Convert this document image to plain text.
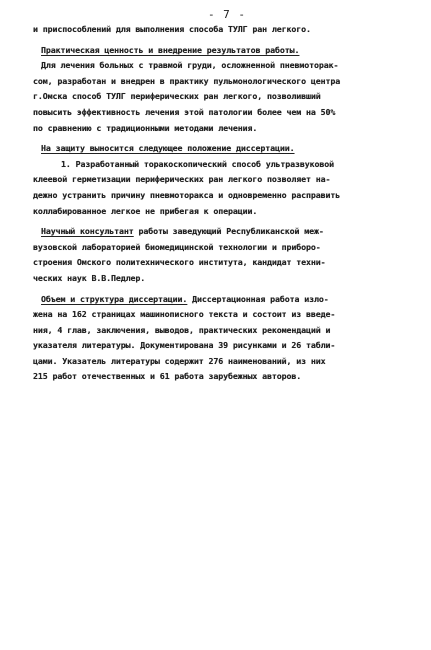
- 7 -
и приспособлений для выполнения способа ТУЛГ ран легкого.
Практическая ценность и внедрение результатов работы.
Для лечения больных с травмой груди, осложненной пневмоторак-
сом, разработан и внедрен в практику пульмонологического центра
г.Омска способ ТУЛГ периферических ран легкого, позволивший
повысить эффективность лечения этой патологии более чем на 50%
по сравнению с традиционными методами лечения.
На защиту выносится следующее положение диссертации.
1. Разработанный торакоскопический способ ультразвуковой
клеевой герметизации периферических ран легкого позволяет на-
дежно устранить причину пневмоторакса и одновременно расправить
коллабированное легкое не прибегая к операции.
Научный консультант работы заведующий Республиканской меж-
вузовской лабораторией биомедицинской технологии и приборо-
строения Омского политехнического института, кандидат техни-
ческих наук В.В.Педлер.
Объем и структура диссертации. Диссертационная работа изло-
жена на 162 страницах машинописного текста и состоит из введе-
ния, 4 глав, заключения, выводов, практических рекомендаций и
указателя литературы. Документирована 39 рисунками и 26 табли-
цами. Указатель литературы содержит 276 наименований, из них
215 работ отечественных и 61 работа зарубежных авторов.
